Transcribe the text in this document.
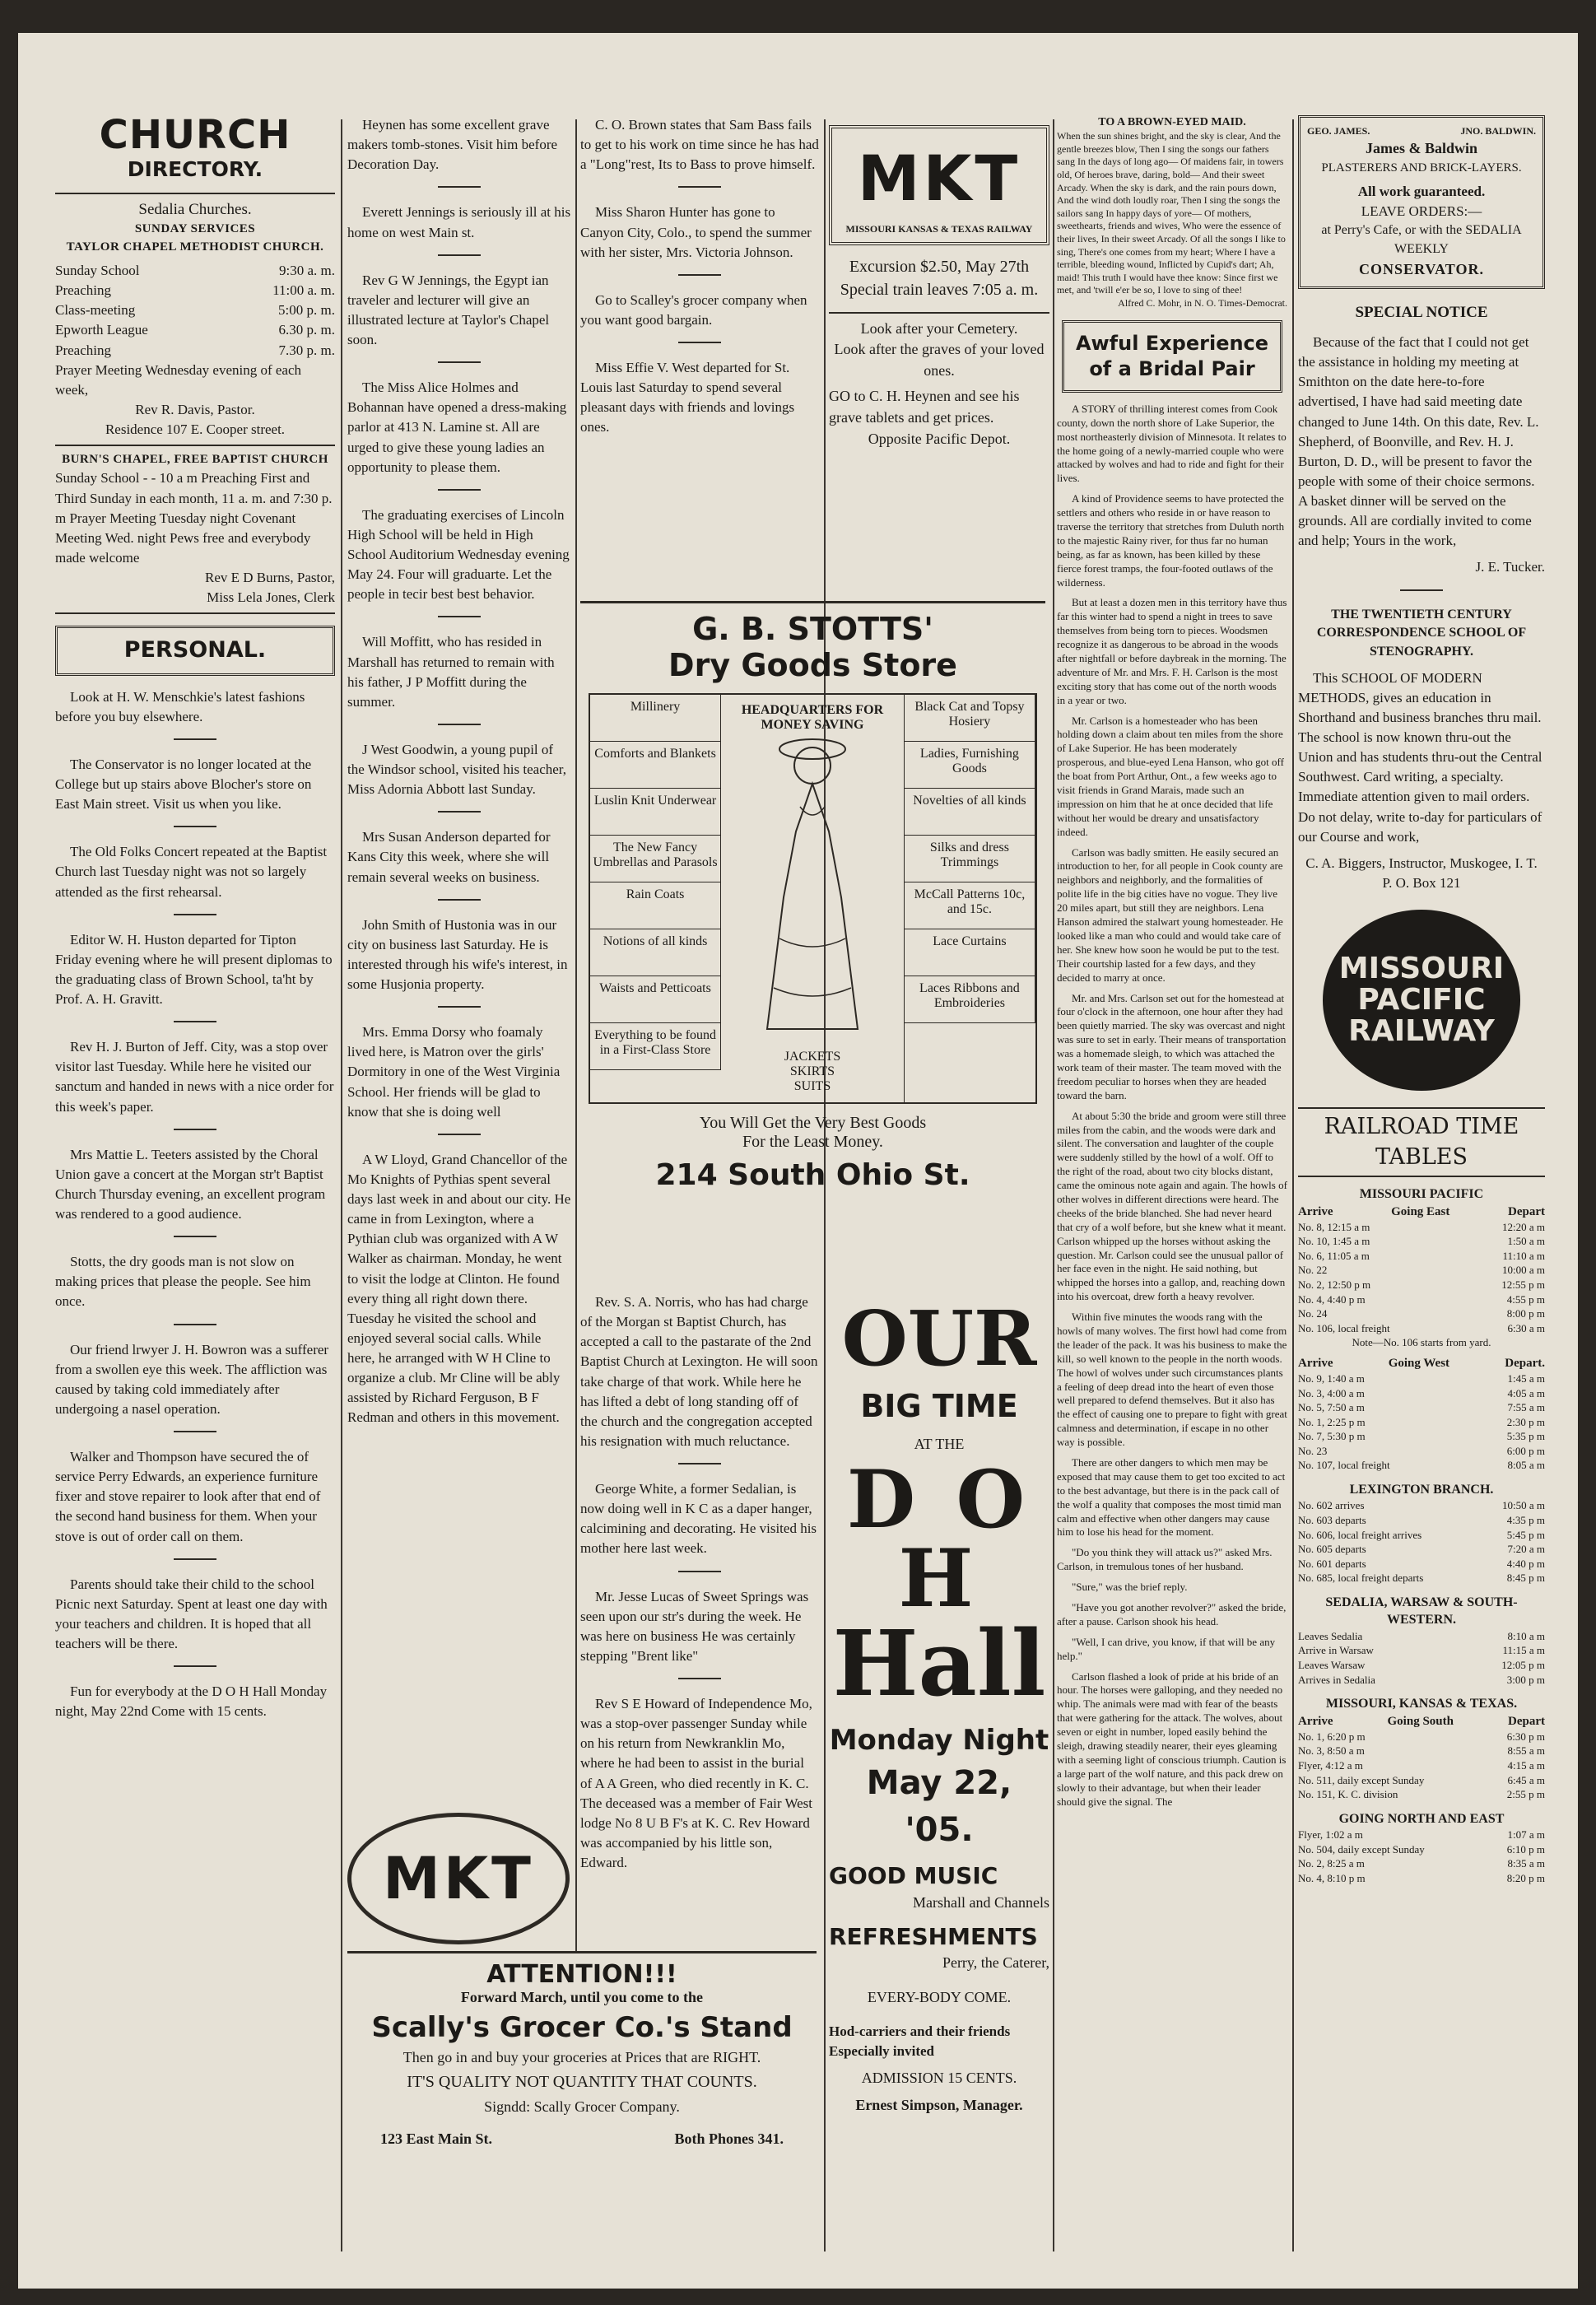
CHURCH
DIRECTORY.
Sedalia Churches.
SUNDAY SERVICES
TAYLOR CHAPEL METHODIST CHURCH.
Sunday School	9:30 a. m.
Preaching	11:00 a. m.
Class-meeting	5:00 p. m.
Epworth League	6.30 p. m.
Preaching	7.30 p. m.
Prayer Meeting Wednesday evening of each week,
Rev R. Davis, Pastor.
Residence 107 E. Cooper street.
BURN'S CHAPEL, FREE BAPTIST CHURCH
Sunday School - - 10 a m Preaching First and Third Sunday in each month, 11 a. m. and 7:30 p. m Prayer Meeting Tuesday night Covenant Meeting Wed. night Pews free and everybody made welcome
Rev E D Burns, Pastor,
Miss Lela Jones, Clerk
PERSONAL.

Look at H. W. Menschkie's latest fashions before you buy elsewhere.

The Conservator is no longer located at the College but up stairs above Blocher's store on East Main street. Visit us when you like.

The Old Folks Concert repeated at the Baptist Church last Tuesday night was not so largely attended as the first rehearsal.

Editor W. H. Huston departed for Tipton Friday evening where he will present diplomas to the graduating class of Brown School, ta'ht by Prof. A. H. Gravitt.

Rev H. J. Burton of Jeff. City, was a stop over visitor last Tuesday. While here he visited our sanctum and handed in news with a nice order for this week's paper.

Mrs Mattie L. Teeters assisted by the Choral Union gave a concert at the Morgan str't Baptist Church Thursday evening, an excellent program was rendered to a good audience.

Stotts, the dry goods man is not slow on making prices that please the people. See him once.

Our friend lrwyer J. H. Bowron was a sufferer from a swollen eye this week. The affliction was caused by taking cold immediately after undergoing a nasel operation.

Walker and Thompson have secured the of service Perry Edwards, an experience furniture fixer and stove repairer to look after that end of the second hand business for them. When your stove is out of order call on them.

Parents should take their child to the school Picnic next Saturday. Spent at least one day with your teachers and children. It is hoped that all teachers will be there.

Fun for everybody at the D O H Hall Monday night, May 22nd Come with 15 cents.

Heynen has some excellent grave makers tomb-stones. Visit him before Decoration Day.

Everett Jennings is seriously ill at his home on west Main st.

Rev G W Jennings, the Egypt ian traveler and lecturer will give an illustrated lecture at Taylor's Chapel soon.

The Miss Alice Holmes and Bohannan have opened a dress-making parlor at 413 N. Lamine st. All are urged to give these young ladies an opportunity to please them.

The graduating exercises of Lincoln High School will be held in High School Auditorium Wednesday evening May 24. Four will graduarte. Let the people in tecir best best behavior.

Will Moffitt, who has resided in Marshall has returned to remain with his father, J P Moffitt during the summer.

J West Goodwin, a young pupil of the Windsor school, visited his teacher, Miss Adornia Abbott last Sunday.

Mrs Susan Anderson departed for Kans City this week, where she will remain several weeks on business.

John Smith of Hustonia was in our city on business last Saturday. He is interested through his wife's interest, in some Husjonia property.

Mrs. Emma Dorsy who foamaly lived here, is Matron over the girls' Dormitory in one of the West Virginia School. Her friends will be glad to know that she is doing well

A W Lloyd, Grand Chancellor of the Mo Knights of Pythias spent several days last week in and about our city. He came in from Lexington, where a Pythian club was organized with A W Walker as chairman. Monday, he went to visit the lodge at Clinton. He found every thing all right down there. Tuesday he visited the school and enjoyed several social calls. While here, he arranged with W H Cline to organize a club. Mr Cline will be ably assisted by Richard Ferguson, B F Redman and others in this movement.

MKT

C. O. Brown states that Sam Bass fails to get to his work on time since he has had a "Long"rest, Its to Bass to prove himself.

Miss Sharon Hunter has gone to Canyon City, Colo., to spend the summer with her sister, Mrs. Victoria Johnson.

Go to Scalley's grocer company when you want good bargain.

Miss Effie V. West departed for St. Louis last Saturday to spend several pleasant days with friends and lovings ones.

G. B. STOTTS'
Dry Goods Store
Millinery
Comforts and Blankets
Luslin Knit Underwear
The New Fancy Umbrellas and Parasols
Rain Coats
Notions of all kinds
Waists and Petticoats
Everything to be found in a First-Class Store
HEADQUARTERS FOR MONEY SAVING
JACKETS
SKIRTS
SUITS
Black Cat and Topsy Hosiery
Ladies, Furnishing Goods
Novelties of all kinds
Silks and dress Trimmings
McCall Patterns 10c, and 15c.
Lace Curtains
Laces Ribbons and Embroideries
You Will Get the Very Best Goods
For the Least Money.
214 South Ohio St.

Rev. S. A. Norris, who has had charge of the Morgan st Baptist Church, has accepted a call to the pastarate of the 2nd Baptist Church at Lexington. He will soon take charge of that work. While here he has lifted a debt of long standing off of the church and the congregation accepted his resignation with much reluctance.

George White, a former Sedalian, is now doing well in K C as a daper hanger, calcimining and decorating. He visited his mother here last week.

Mr. Jesse Lucas of Sweet Springs was seen upon our str's during the week. He was here on business He was certainly stepping "Brent like"

Rev S E Howard of Independence Mo, was a stop-over passenger Sunday while on his return from Newkranklin Mo, where he had been to assist in the burial of A A Green, who died recently in K. C. The deceased was a member of Fair West lodge No 8 U B F's at K. C. Rev Howard was accompanied by his little son, Edward.

ATTENTION!!!
Forward March, until you come to the
Scally's Grocer Co.'s Stand
Then go in and buy your groceries at Prices that are RIGHT.
IT'S QUALITY NOT QUANTITY THAT COUNTS.
Signdd: Scally Grocer Company.
123 East Main St.	Both Phones 341.
MKT
MISSOURI KANSAS & TEXAS RAILWAY
Excursion $2.50, May 27th
Special train leaves 7:05 a. m.
Look after your Cemetery.
Look after the graves of your loved ones.
GO to C. H. Heynen and see his grave tablets and get prices.
Opposite Pacific Depot.
OUR
BIG TIME
AT THE
D O H
Hall
Monday Night
May 22, '05.
GOOD MUSIC
Marshall and Channels
REFRESHMENTS
Perry, the Caterer,
EVERY-BODY COME.
Hod-carriers and their friends
Especially invited
ADMISSION 15 CENTS.
Ernest Simpson, Manager.
TO A BROWN-EYED MAID.
When the sun shines bright, and the sky is clear, And the gentle breezes blow, Then I sing the songs our fathers sang In the days of long ago— Of maidens fair, in towers old, Of heroes brave, daring, bold— And their sweet Arcady. When the sky is dark, and the rain pours down, And the wind doth loudly roar, Then I sing the songs the sailors sang In happy days of yore— Of mothers, sweethearts, friends and wives, Who were the essence of their lives, In their sweet Arcady. Of all the songs I like to sing, There's one comes from my heart; Where I have a terrible, bleeding wound, Inflicted by Cupid's dart; Ah, maid! This truth I would have thee know: Since first we met, and 'twill e'er be so, I love to sing of thee!
Alfred C. Mohr, in N. O. Times-Democrat.
Awful Experience of a Bridal Pair

A STORY of thrilling interest comes from Cook county, down the north shore of Lake Superior, the most northeasterly division of Minnesota. It relates to the home going of a newly-married couple who were attacked by wolves and had to ride and fight for their lives.

A kind of Providence seems to have protected the settlers and others who reside in or have reason to traverse the territory that stretches from Duluth north to the majestic Rainy river, for thus far no human being, as far as known, has been killed by these fierce forest tramps, the four-footed outlaws of the wilderness.

But at least a dozen men in this territory have thus far this winter had to spend a night in trees to save themselves from being torn to pieces. Woodsmen recognize it as dangerous to be abroad in the woods after nightfall or before daybreak in the morning. The adventure of Mr. and Mrs. F. H. Carlson is the most exciting story that has come out of the north woods in a year or two.

Mr. Carlson is a homesteader who has been holding down a claim about ten miles from the shore of Lake Superior. He has been moderately prosperous, and blue-eyed Lena Hanson, who got off the boat from Port Arthur, Ont., a few weeks ago to visit friends in Grand Marais, made such an impression on him that he at once decided that life without her would be dreary and unsatisfactory indeed.

Carlson was badly smitten. He easily secured an introduction to her, for all people in Cook county are neighbors and neighborly, and the formalities of polite life in the big cities have no vogue. They live 20 miles apart, but still they are neighbors. Lena Hanson admired the stalwart young homesteader. He looked like a man who could and would take care of her. She knew how soon he would be put to the test. Their courtship lasted for a few days, and they decided to marry at once.

Mr. and Mrs. Carlson set out for the homestead at four o'clock in the afternoon, one hour after they had been quietly married. The sky was overcast and night was sure to set in early. Their means of transportation was a homemade sleigh, to which was attached the work team of their master. The team moved with the freedom peculiar to horses when they are headed toward the barn.

At about 5:30 the bride and groom were still three miles from the cabin, and the woods were dark and silent. The conversation and laughter of the couple were suddenly stilled by the howl of a wolf. Off to the right of the road, about two city blocks distant, came the ominous note again and again. The howls of other wolves in different directions were heard. The cheeks of the bride blanched. She had never heard that cry of a wolf before, but she knew what it meant. Carlson whipped up the horses without asking the question. Mr. Carlson could see the unusual pallor of her face even in the night. He said nothing, but whipped the horses into a gallop, and, reaching down into his overcoat, drew forth a heavy revolver.

Within five minutes the woods rang with the howls of many wolves. The first howl had come from the leader of the pack. It was his business to make the kill, so well known to the people in the north woods. The howl of wolves under such circumstances plants a feeling of deep dread into the heart of even those well prepared to defend themselves. But it also has the effect of causing one to prepare to fight with great calmness and determination, if escape in no other way is possible.

There are other dangers to which men may be exposed that may cause them to get too excited to act to the best advantage, but there is in the pack call of the wolf a quality that composes the most timid man calm and effective when other dangers may cause him to lose his head for the moment.

"Do you think they will attack us?" asked Mrs. Carlson, in tremulous tones of her husband.

"Sure," was the brief reply.

"Have you got another revolver?" asked the bride, after a pause. Carlson shook his head.

"Well, I can drive, you know, if that will be any help."

Carlson flashed a look of pride at his bride of an hour. The horses were galloping, and they needed no whip. The animals were mad with fear of the beasts that were gathering for the attack. The wolves, about seven or eight in number, loped easily behind the sleigh, drawing steadily nearer, their eyes gleaming with a seeming light of conscious triumph. Caution is a large part of the wolf nature, and this pack drew on slowly to their advantage, but when their leader should give the signal. The

GEO. JAMES.	JNO. BALDWIN.
James & Baldwin
PLASTERERS AND BRICK-LAYERS.
All work guaranteed.
LEAVE ORDERS:—
at Perry's Cafe, or with the SEDALIA WEEKLY
CONSERVATOR.
SPECIAL NOTICE

Because of the fact that I could not get the assistance in holding my meeting at Smithton on the date here-to-fore advertised, I have had said meeting date changed to June 14th. On this date, Rev. L. Shepherd, of Boonville, and Rev. H. J. Burton, D. D., will be present to favor the people with some of their choice sermons. A basket dinner will be served on the grounds. All are cordially invited to come and help; Yours in the work,

J. E. Tucker.
THE TWENTIETH CENTURY CORRESPONDENCE SCHOOL OF STENOGRAPHY.

This SCHOOL OF MODERN METHODS, gives an education in Shorthand and business branches thru mail. The school is now known thru-out the Union and has students thru-out the Central Southwest. Card writing, a specialty. Immediate attention given to mail orders. Do not delay, write to-day for particulars of our Course and work,

C. A. Biggers, Instructor, Muskogee, I. T.
P. O. Box 121
MISSOURI
PACIFIC
RAILWAY
RAILROAD TIME TABLES
MISSOURI PACIFIC
Arrive	Going East	Depart
No. 8, 12:15 a m	12:20 a m
No. 10, 1:45 a m	1:50 a m
No. 6, 11:05 a m	11:10 a m
No. 22	10:00 a m
No. 2, 12:50 p m	12:55 p m
No. 4, 4:40 p m	4:55 p m
No. 24	8:00 p m
No. 106, local freight	6:30 a m
Note—No. 106 starts from yard.
Arrive	Going West	Depart.
No. 9, 1:40 a m	1:45 a m
No. 3, 4:00 a m	4:05 a m
No. 5, 7:50 a m	7:55 a m
No. 1, 2:25 p m	2:30 p m
No. 7, 5:30 p m	5:35 p m
No. 23	6:00 p m
No. 107, local freight	8:05 a m
LEXINGTON BRANCH.
No. 602 arrives	10:50 a m
No. 603 departs	4:35 p m
No. 606, local freight arrives	5:45 p m
No. 605 departs	7:20 a m
No. 601 departs	4:40 p m
No. 685, local freight departs	8:45 p m
SEDALIA, WARSAW & SOUTH-WESTERN.
Leaves Sedalia	8:10 a m
Arrive in Warsaw	11:15 a m
Leaves Warsaw	12:05 p m
Arrives in Sedalia	3:00 p m
MISSOURI, KANSAS & TEXAS.
Arrive	Going South	Depart
No. 1, 6:20 p m	6:30 p m
No. 3, 8:50 a m	8:55 a m
Flyer, 4:12 a m	4:15 a m
No. 511, daily except Sunday	6:45 a m
No. 151, K. C. division	2:55 p m
GOING NORTH AND EAST
Flyer, 1:02 a m	1:07 a m
No. 504, daily except Sunday	6:10 p m
No. 2, 8:25 a m	8:35 a m
No. 4, 8:10 p m	8:20 p m
